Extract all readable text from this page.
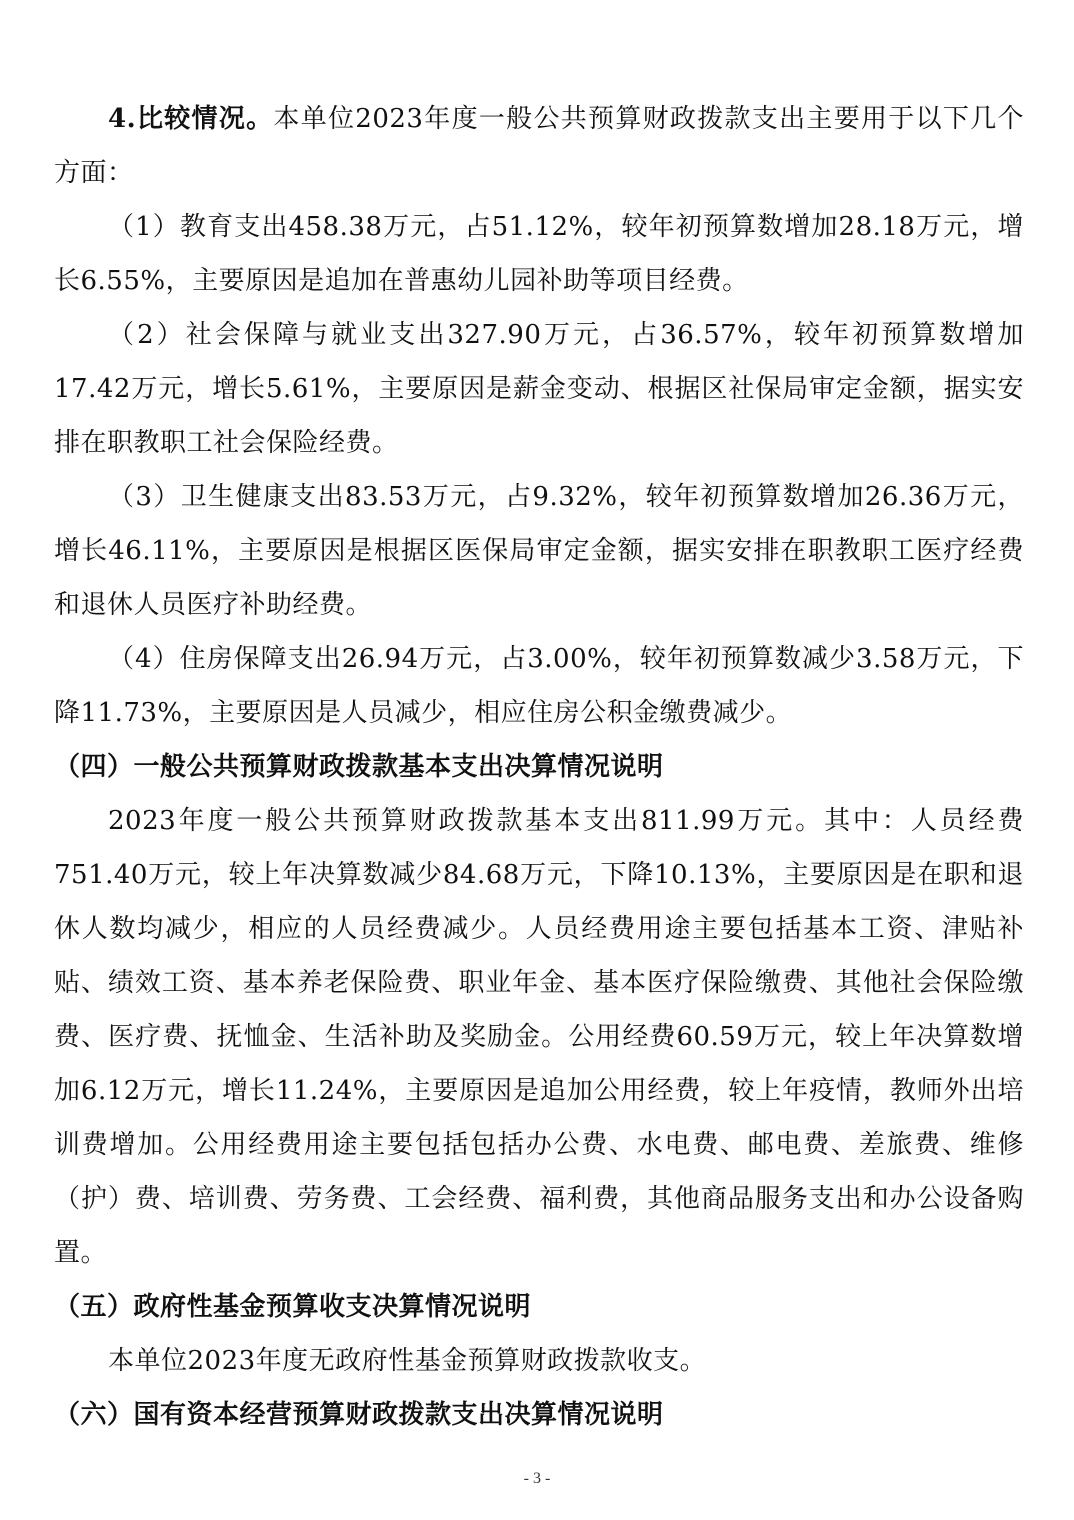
4.比较情况。本单位2023年度一般公共预算财政拨款支出主要用于以下几个方面：

（1）教育支出458.38万元，占51.12%，较年初预算数增加28.18万元，增长6.55%，主要原因是追加在普惠幼儿园补助等项目经费。

（2）社会保障与就业支出327.90万元，占36.57%，较年初预算数增加17.42万元，增长5.61%，主要原因是薪金变动、根据区社保局审定金额，据实安排在职教职工社会保险经费。

（3）卫生健康支出83.53万元，占9.32%，较年初预算数增加26.36万元，增长46.11%，主要原因是根据区医保局审定金额，据实安排在职教职工医疗经费和退休人员医疗补助经费。

（4）住房保障支出26.94万元，占3.00%，较年初预算数减少3.58万元，下降11.73%，主要原因是人员减少，相应住房公积金缴费减少。

（四）一般公共预算财政拨款基本支出决算情况说明

2023年度一般公共预算财政拨款基本支出811.99万元。其中：人员经费751.40万元，较上年决算数减少84.68万元，下降10.13%，主要原因是在职和退休人数均减少，相应的人员经费减少。人员经费用途主要包括基本工资、津贴补贴、绩效工资、基本养老保险费、职业年金、基本医疗保险缴费、其他社会保险缴费、医疗费、抚恤金、生活补助及奖励金。公用经费60.59万元，较上年决算数增加6.12万元，增长11.24%，主要原因是追加公用经费，较上年疫情，教师外出培训费增加。公用经费用途主要包括包括办公费、水电费、邮电费、差旅费、维修（护）费、培训费、劳务费、工会经费、福利费，其他商品服务支出和办公设备购置。

（五）政府性基金预算收支决算情况说明

本单位2023年度无政府性基金预算财政拨款收支。

（六）国有资本经营预算财政拨款支出决算情况说明
- 3 -
